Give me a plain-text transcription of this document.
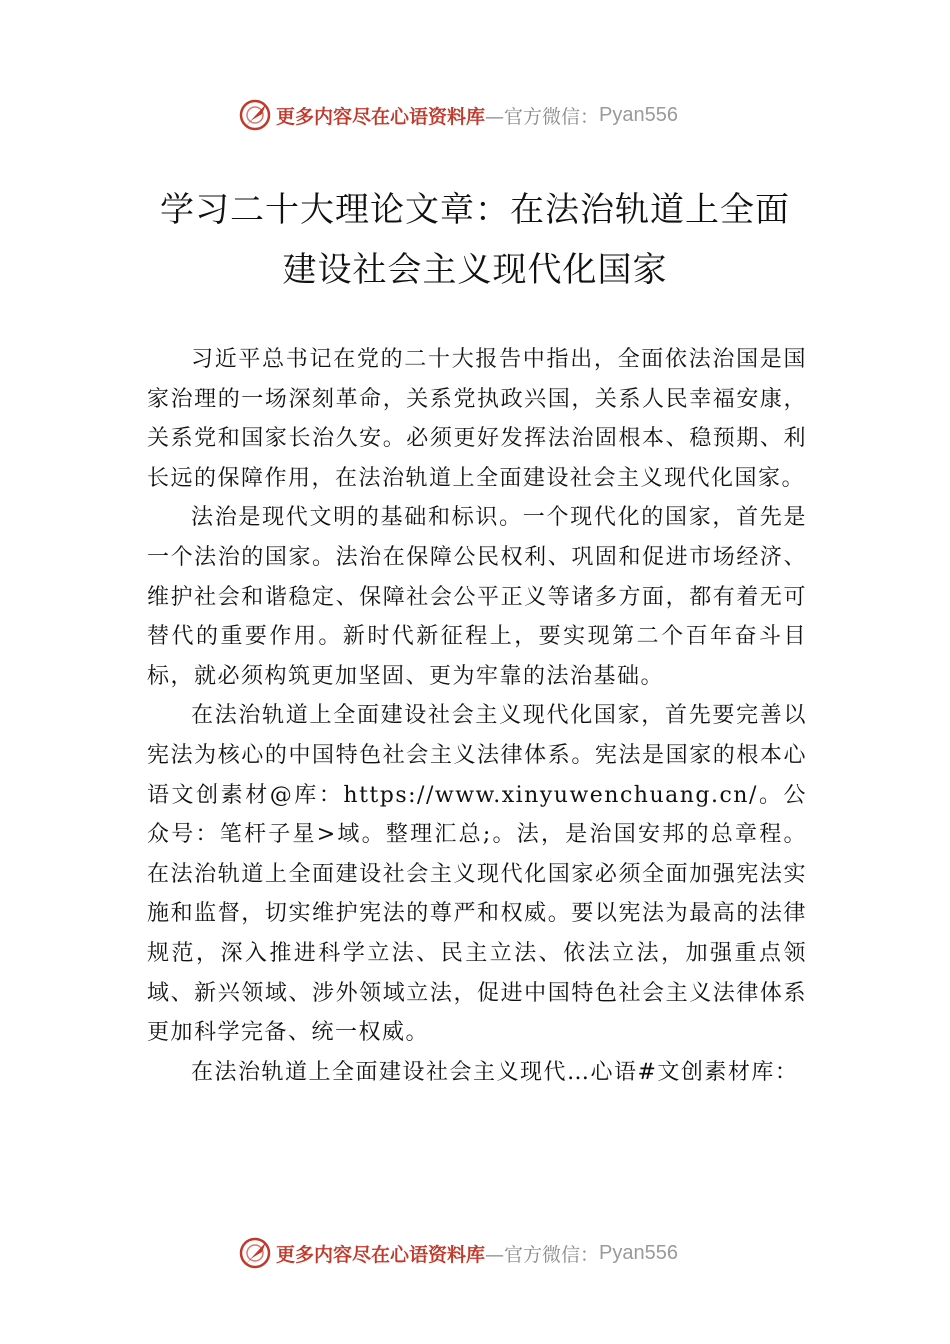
更多内容尽在心语资料库 —官方微信： Pyan556
学习二十大理论文章：在法治轨道上全面
建设社会主义现代化国家

习近平总书记在党的二十大报告中指出，全面依法治国是国家治理的一场深刻革命，关系党执政兴国，关系人民幸福安康，关系党和国家长治久安。必须更好发挥法治固根本、稳预期、利长远的保障作用，在法治轨道上全面建设社会主义现代化国家。

法治是现代文明的基础和标识。一个现代化的国家，首先是一个法治的国家。法治在保障公民权利、巩固和促进市场经济、维护社会和谐稳定、保障社会公平正义等诸多方面，都有着无可替代的重要作用。新时代新征程上，要实现第二个百年奋斗目标，就必须构筑更加坚固、更为牢靠的法治基础。

在法治轨道上全面建设社会主义现代化国家，首先要完善以宪法为核心的中国特色社会主义法律体系。宪法是国家的根本心语文创素材@库：https://www.xinyuwenchuang.cn/。公众号：笔杆子星>域。整理汇总;。法，是治国安邦的总章程。在法治轨道上全面建设社会主义现代化国家必须全面加强宪法实施和监督，切实维护宪法的尊严和权威。要以宪法为最高的法律规范，深入推进科学立法、民主立法、依法立法，加强重点领域、新兴领域、涉外领域立法，促进中国特色社会主义法律体系更加科学完备、统一权威。

在法治轨道上全面建设社会主义现代…心语#文创素材库：

更多内容尽在心语资料库 —官方微信： Pyan556
